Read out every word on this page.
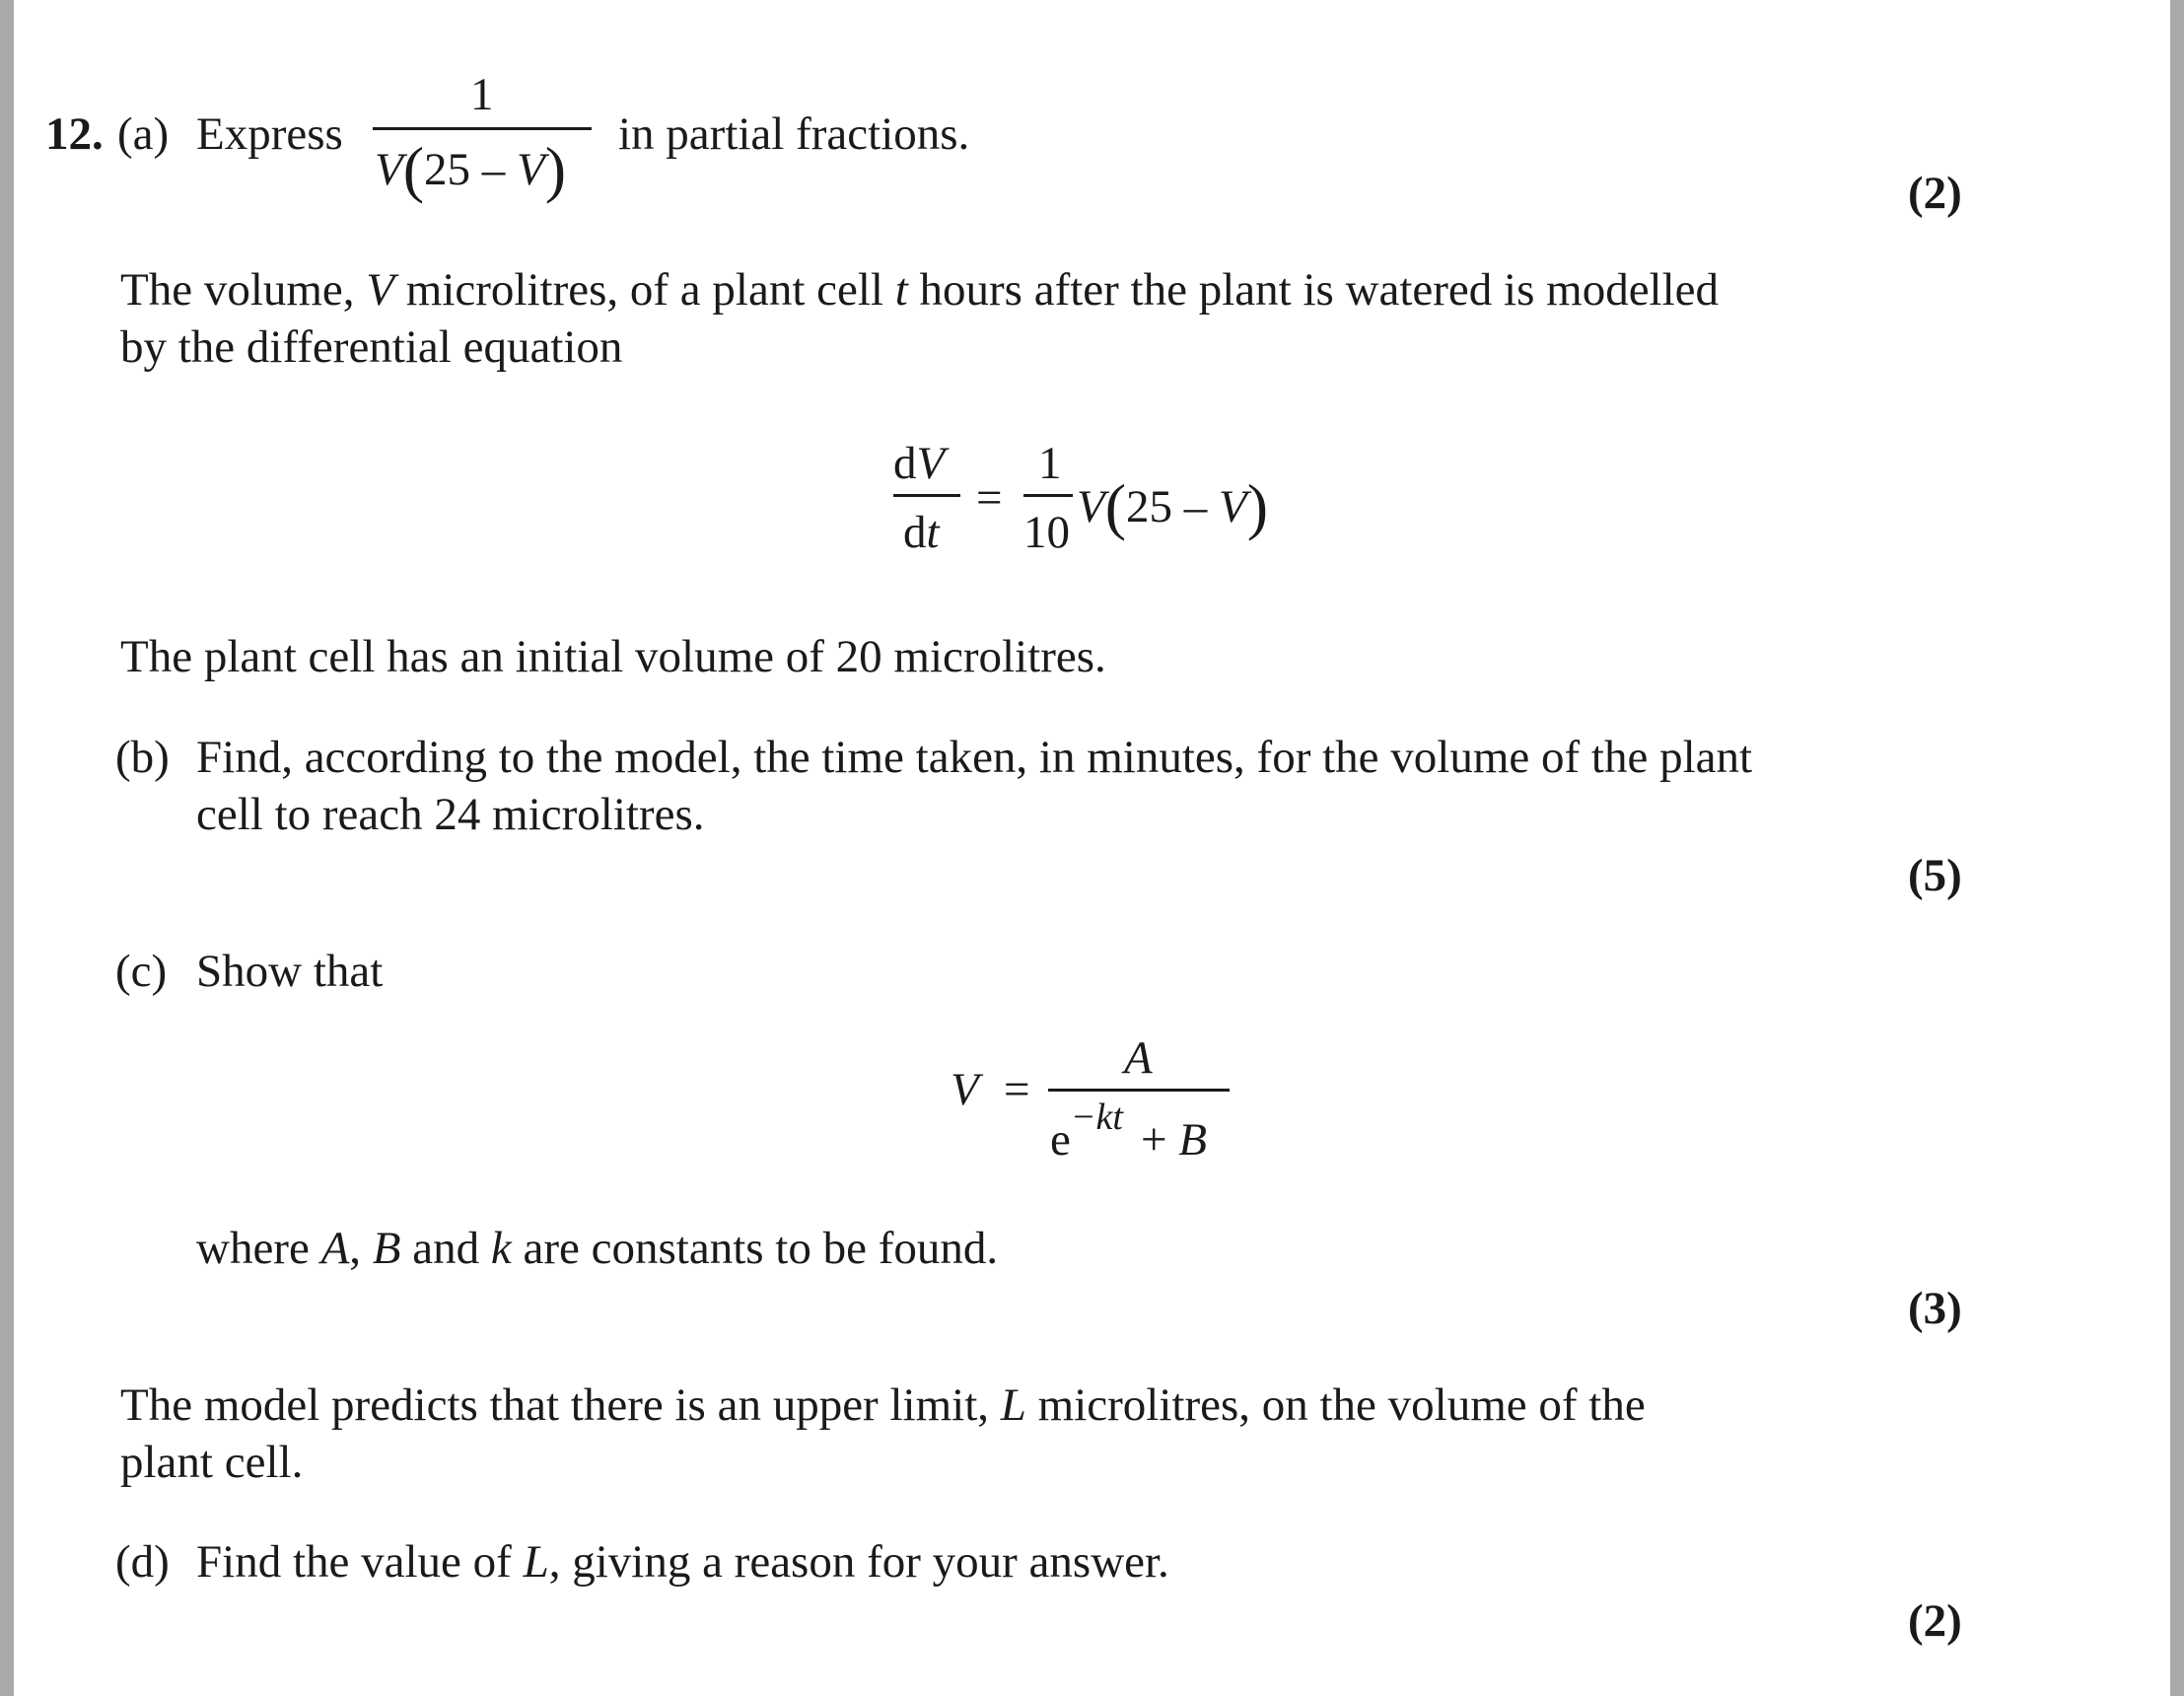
12. (a) Express
1
V(25 – V) in partial fractions.
(2)
The volume, V microlitres, of a plant cell t hours after the plant is watered is modelled
by the differential equation
dV
dt
=
1
10 V(25 – V)
The plant cell has an initial volume of 20 microlitres.
(b) Find, according to the model, the time taken, in minutes, for the volume of the plant
cell to reach 24 microlitres.
(5)
(c) Show that
V =
A
$e^{-kt} + B$
where A, B and k are constants to be found.
(3)
The model predicts that there is an upper limit, L microlitres, on the volume of the
plant cell.
(d) Find the value of L, giving a reason for your answer.
(2)
